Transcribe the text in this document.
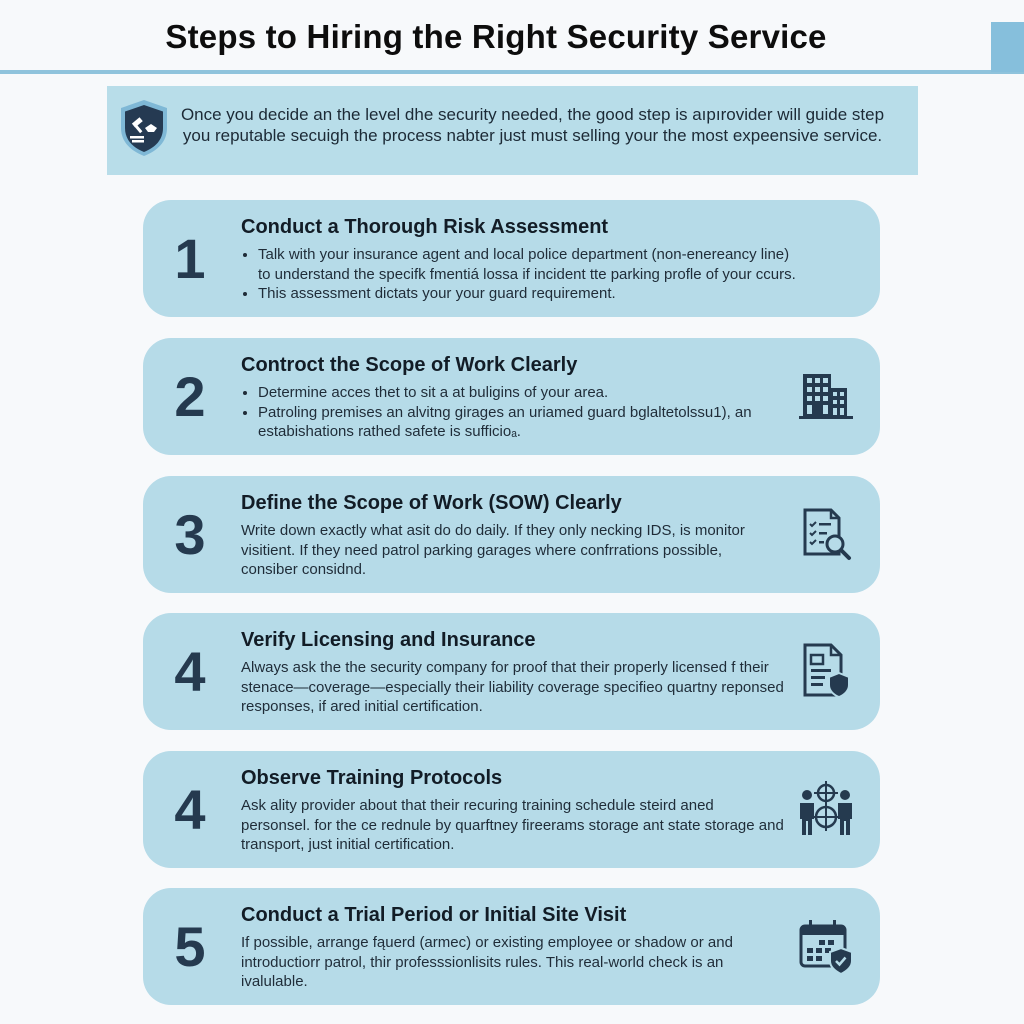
Steps to Hiring the Right Security Service
Once you decide an the level dhe security needed, the good step is aıpırovider will guide step you reputable secuigh the process nabter just must selling your the most expeensive service.
1	Conduct a Thorough Risk Assessment
• Talk with your insurance agent and local police department (non-enereancy line) to understand the specifk fmentiá lossa if incident tte parking profle of your ccurs.
• This assessment dictats your your guard requirement.
2	Controct the Scope of Work Clearly
• Determine acces thet to sit a at buligins of your area.
• Patroling premises an alvitng girages an uriamed guard bglaltetolssu1), an estabishations rathed safete is sufficioₐ.
3	Define the Scope of Work (SOW) Clearly
Write down exactly what asit do do daily. If they only necking IDS, is monitor visitient. If they need patrol parking garages where confrrations possible, consiber considnd.
4	Verify Licensing and Insurance
Always ask the the security company for proof that their properly licensed f their stenace—coverage—especially their liability coverage specifieo quartny reponsed responses, if ared initial certification.
4	Observe Training Protocols
Ask ality provider about that their recuring training schedule steird aned personsel. for the ce rednule by quarftney fireerams storage ant state storage and transport, just initial certification.
5	Conduct a Trial Period or Initial Site Visit
If possible, arrange fąuerd (armec) or existing employee or shadow or and introductiorr patrol, thir professsionlisits rules. This real-world check is an ivalulable.
